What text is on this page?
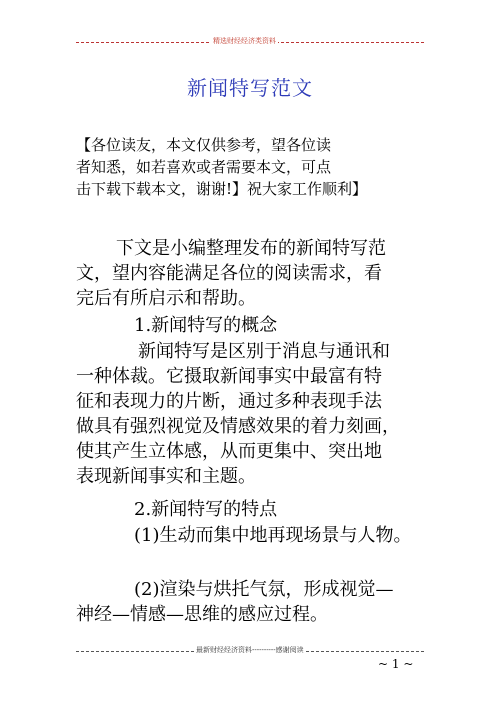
精选财经经济类资料
新闻特写范文
【各位读友，本文仅供参考，望各位读
者知悉，如若喜欢或者需要本文，可点
击下载下载本文，谢谢!】祝大家工作顺利】
下文是小编整理发布的新闻特写范
文，望内容能满足各位的阅读需求，看
完后有所启示和帮助。
1.新闻特写的概念
新闻特写是区别于消息与通讯和
一种体裁。它摄取新闻事实中最富有特
征和表现力的片断，通过多种表现手法
做具有强烈视觉及情感效果的着力刻画，
使其产生立体感，从而更集中、突出地
表现新闻事实和主题。
2.新闻特写的特点
(1)生动而集中地再现场景与人物。
(2)渲染与烘托气氛，形成视觉—
神经—情感—思维的感应过程。
最新财经经济资料----------感谢阅读
~ 1 ~
